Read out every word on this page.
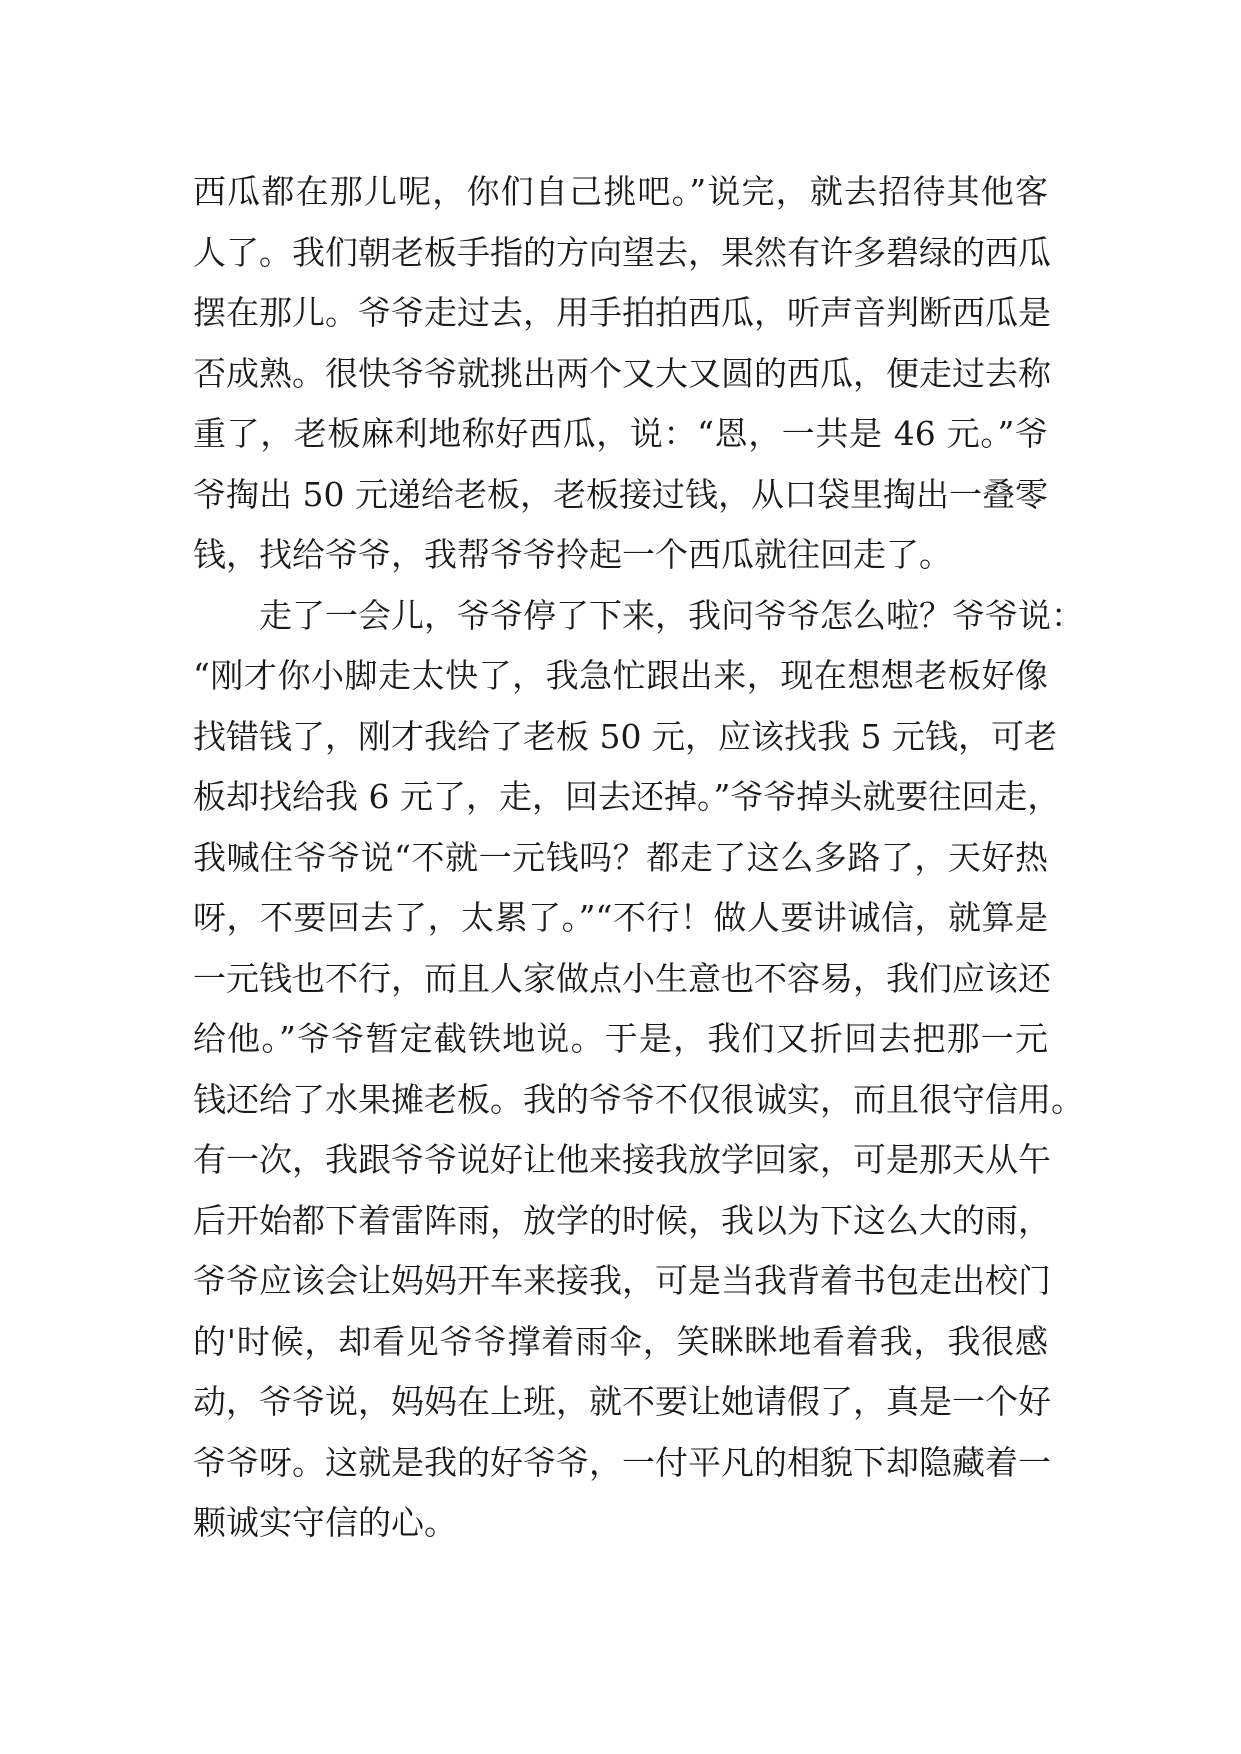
西瓜都在那儿呢，你们自己挑吧。”说完，就去招待其他客
人了。我们朝老板手指的方向望去，果然有许多碧绿的西瓜
摆在那儿。爷爷走过去，用手拍拍西瓜，听声音判断西瓜是
否成熟。很快爷爷就挑出两个又大又圆的西瓜，便走过去称
重了，老板麻利地称好西瓜，说：“恩，一共是 46 元。”爷
爷掏出 50 元递给老板，老板接过钱，从口袋里掏出一叠零
钱，找给爷爷，我帮爷爷拎起一个西瓜就往回走了。
走了一会儿，爷爷停了下来，我问爷爷怎么啦？爷爷说：
“刚才你小脚走太快了，我急忙跟出来，现在想想老板好像
找错钱了，刚才我给了老板 50 元，应该找我 5 元钱，可老
板却找给我 6 元了，走，回去还掉。”爷爷掉头就要往回走，
我喊住爷爷说“不就一元钱吗？都走了这么多路了，天好热
呀，不要回去了，太累了。”“不行！做人要讲诚信，就算是
一元钱也不行，而且人家做点小生意也不容易，我们应该还
给他。”爷爷暂定截铁地说。于是，我们又折回去把那一元
钱还给了水果摊老板。我的爷爷不仅很诚实，而且很守信用。
有一次，我跟爷爷说好让他来接我放学回家，可是那天从午
后开始都下着雷阵雨，放学的时候，我以为下这么大的雨，
爷爷应该会让妈妈开车来接我，可是当我背着书包走出校门
的'时候，却看见爷爷撑着雨伞，笑眯眯地看着我，我很感
动，爷爷说，妈妈在上班，就不要让她请假了，真是一个好
爷爷呀。这就是我的好爷爷，一付平凡的相貌下却隐藏着一
颗诚实守信的心。
